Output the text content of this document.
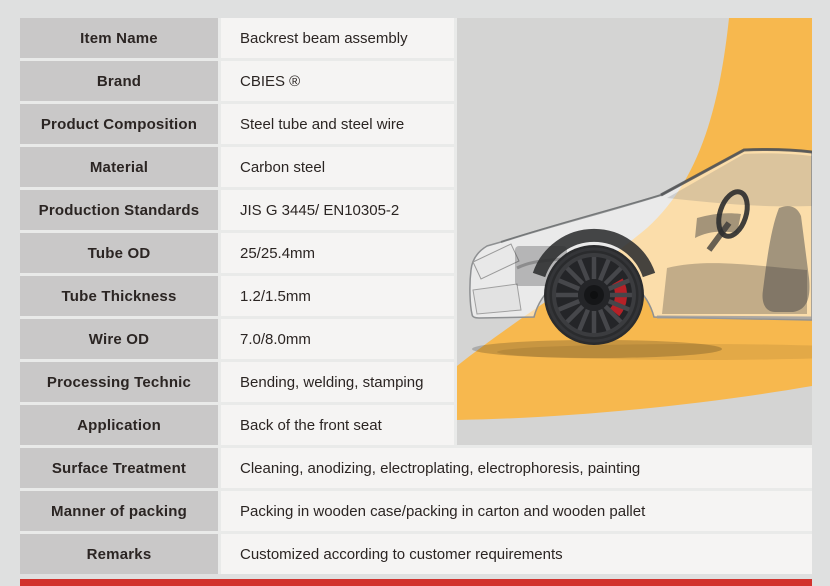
Item Name	Backrest beam assembly
Brand	CBIES ®
Product Composition	Steel tube and steel wire
Material	Carbon steel
Production Standards	JIS G 3445/ EN10305-2
Tube OD	25/25.4mm
Tube Thickness	1.2/1.5mm
Wire OD	7.0/8.0mm
Processing Technic	Bending, welding, stamping
Application	Back of the front seat
Surface Treatment	Cleaning, anodizing, electroplating, electrophoresis, painting
Manner of packing	Packing in wooden case/packing in carton and wooden pallet
Remarks	Customized according to customer requirements
